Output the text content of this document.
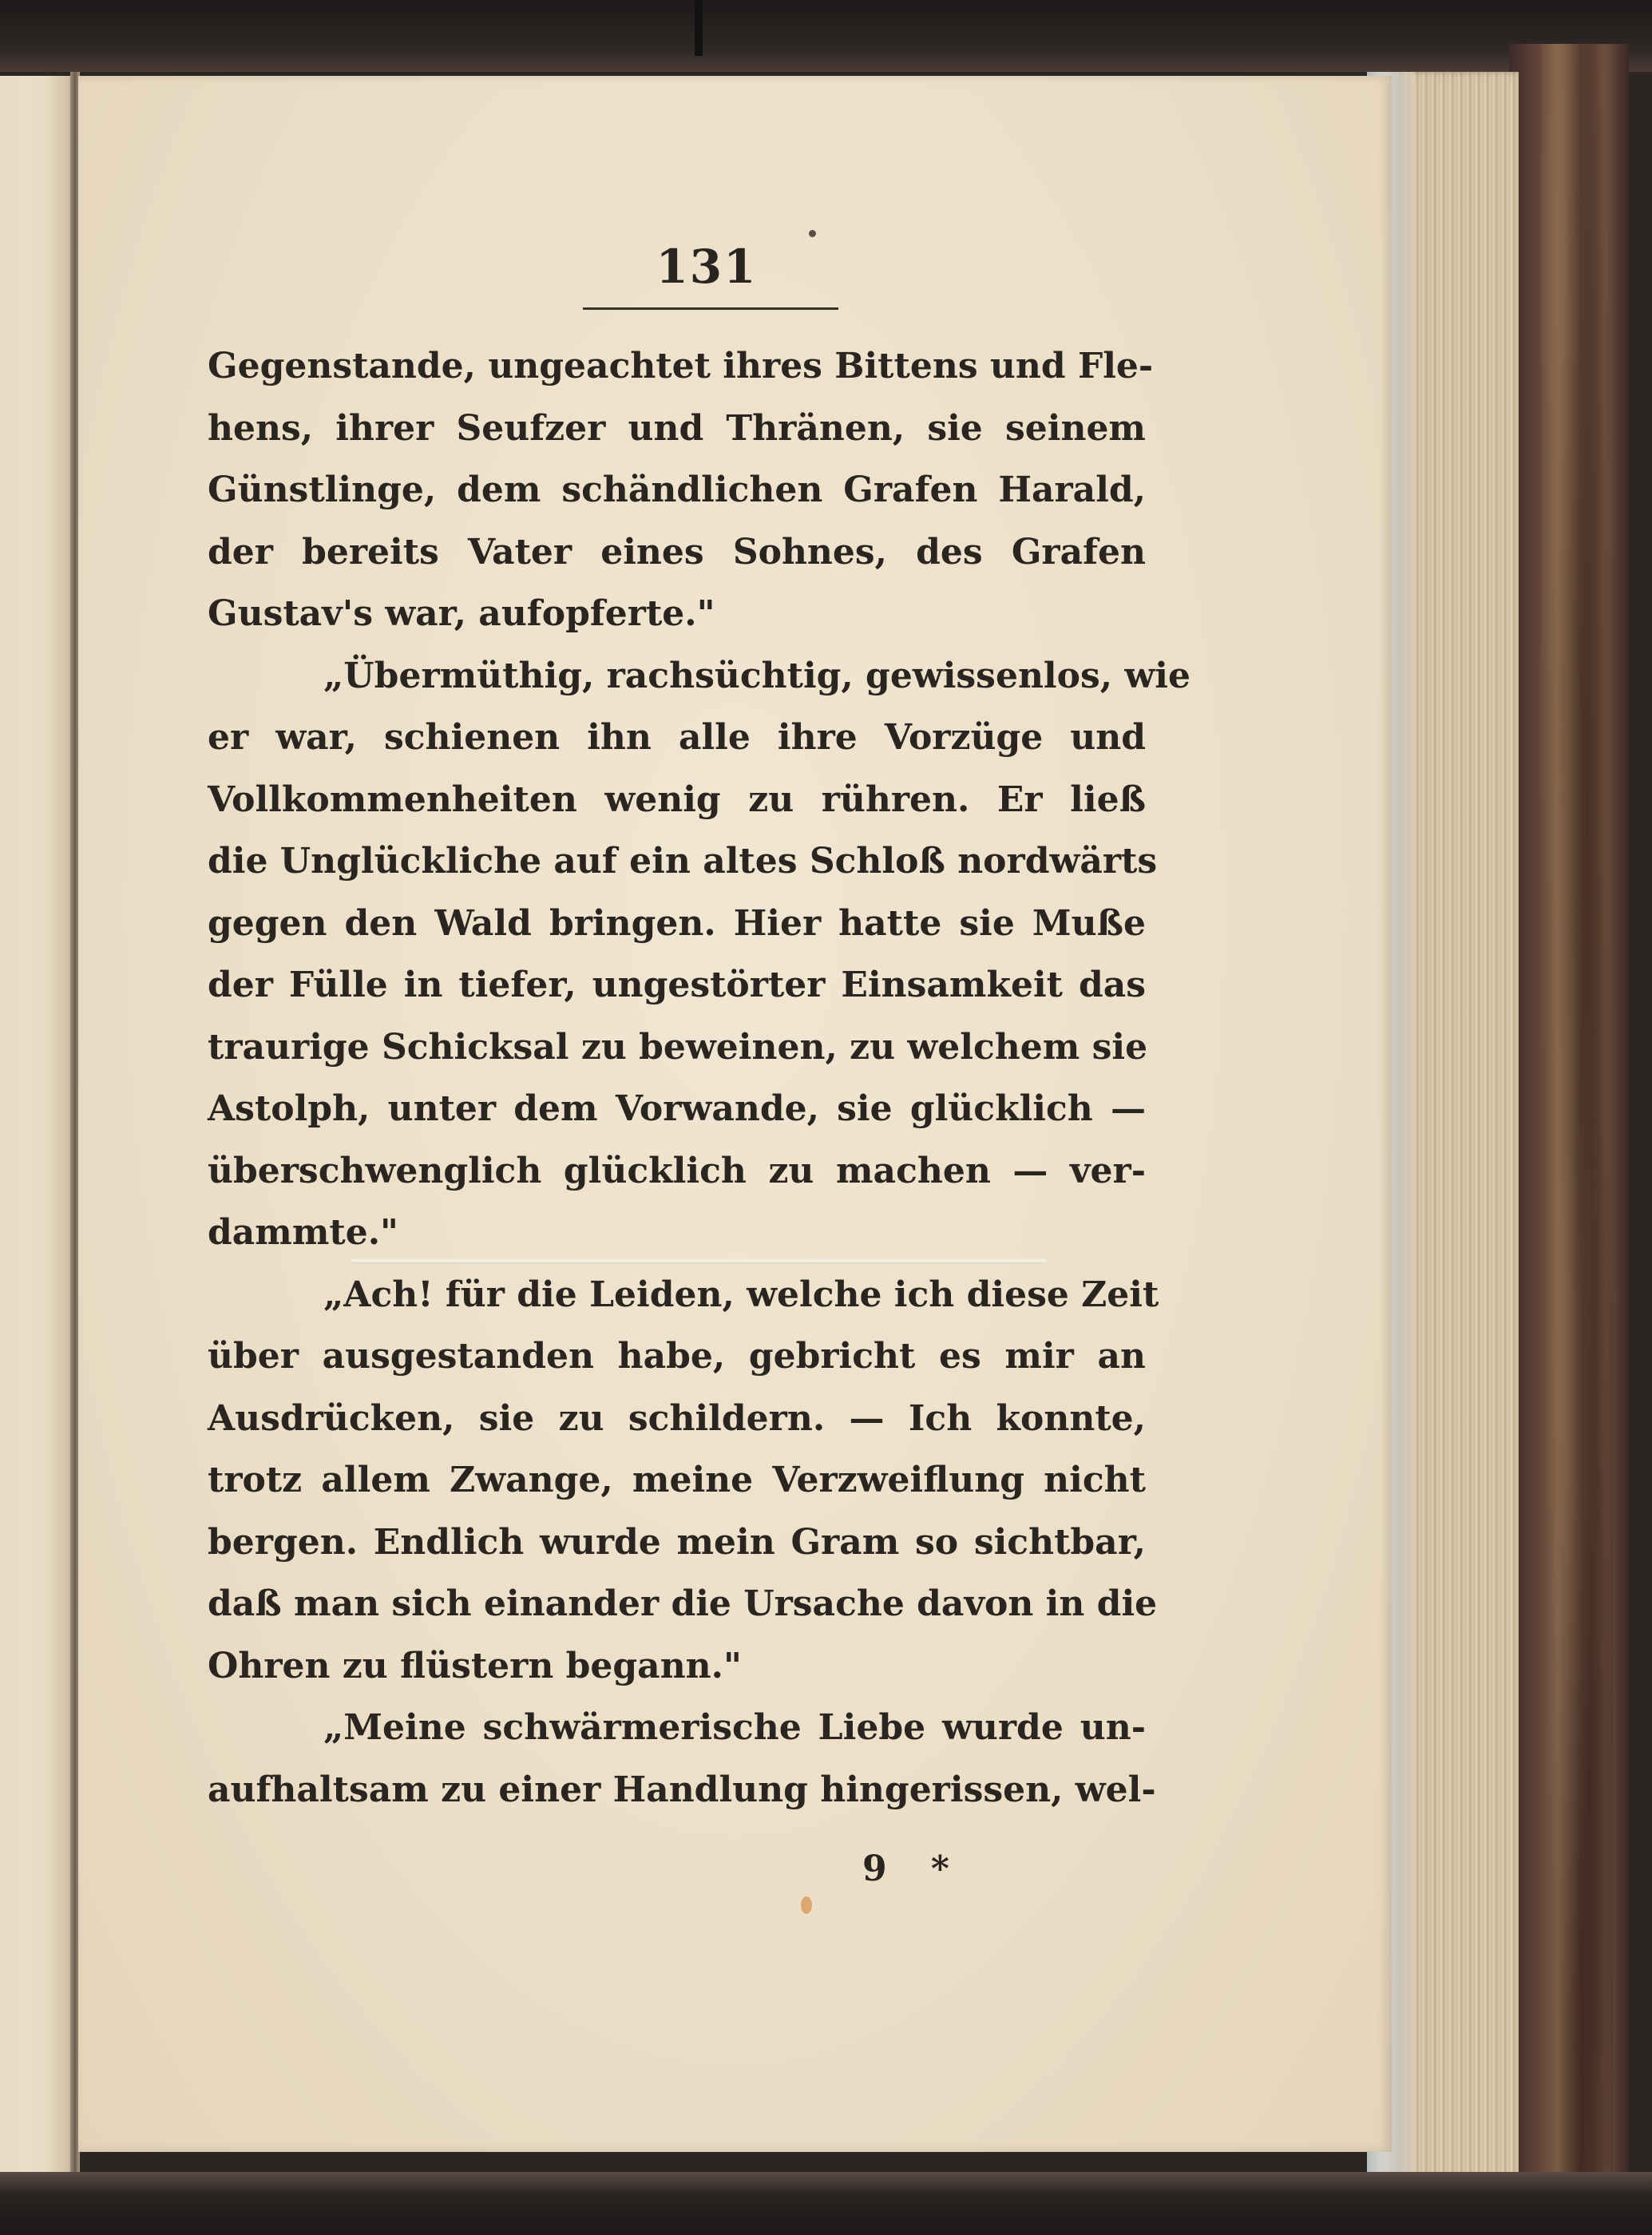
131
Gegenstande, ungeachtet ihres Bittens und Fle-
hens, ihrer Seufzer und Thränen, sie seinem
Günstlinge, dem schändlichen Grafen Harald,
der bereits Vater eines Sohnes, des Grafen
Gustav's war, aufopferte."
„Übermüthig, rachsüchtig, gewissenlos, wie
er war, schienen ihn alle ihre Vorzüge und
Vollkommenheiten wenig zu rühren. Er ließ
die Unglückliche auf ein altes Schloß nordwärts
gegen den Wald bringen. Hier hatte sie Muße
der Fülle in tiefer, ungestörter Einsamkeit das
traurige Schicksal zu beweinen, zu welchem sie
Astolph, unter dem Vorwande, sie glücklich —
überschwenglich glücklich zu machen — ver-
dammte."
„Ach! für die Leiden, welche ich diese Zeit
über ausgestanden habe, gebricht es mir an
Ausdrücken, sie zu schildern. — Ich konnte,
trotz allem Zwange, meine Verzweiflung nicht
bergen. Endlich wurde mein Gram so sichtbar,
daß man sich einander die Ursache davon in die
Ohren zu flüstern begann."
„Meine schwärmerische Liebe wurde un-
aufhaltsam zu einer Handlung hingerissen, wel-
9 *
